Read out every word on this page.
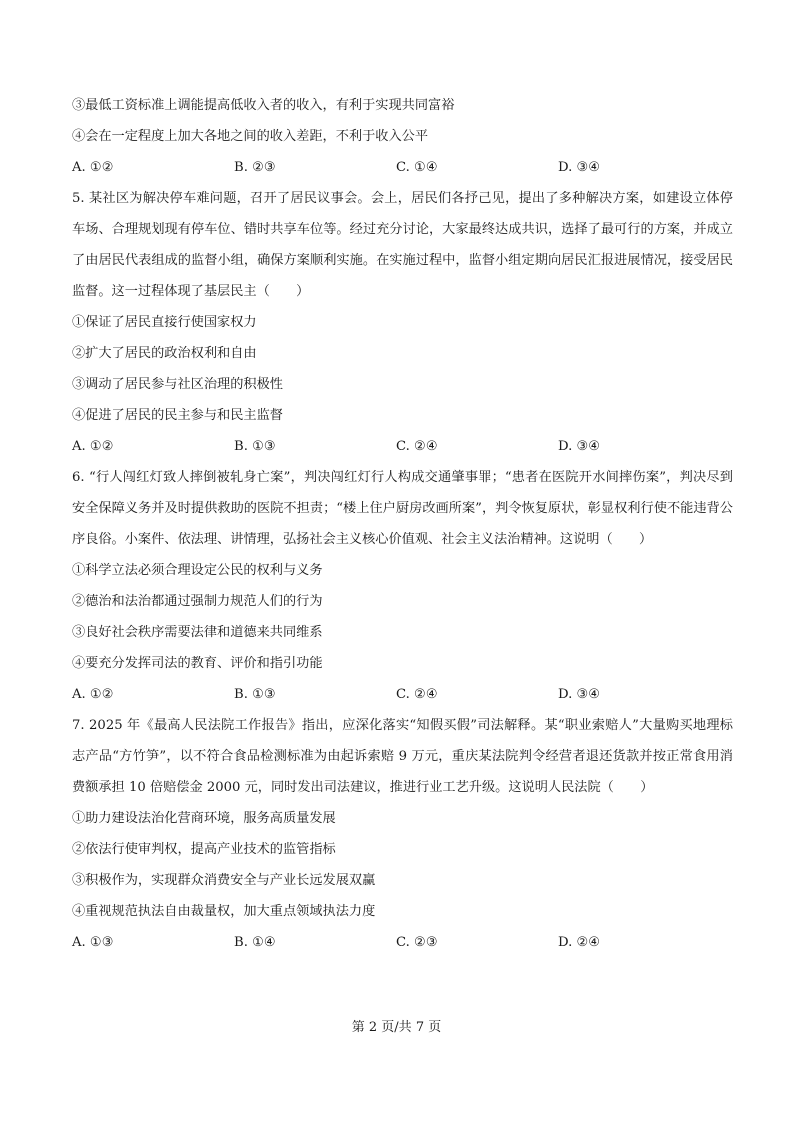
③最低工资标准上调能提高低收入者的收入，有利于实现共同富裕
④会在一定程度上加大各地之间的收入差距，不利于收入公平
A. ①②	B. ②③	C. ①④	D. ③④
5. 某社区为解决停车难问题，召开了居民议事会。会上，居民们各抒己见，提出了多种解决方案，如建设立体停车场、合理规划现有停车位、错时共享车位等。经过充分讨论，大家最终达成共识，选择了最可行的方案，并成立了由居民代表组成的监督小组，确保方案顺利实施。在实施过程中，监督小组定期向居民汇报进展情况，接受居民监督。这一过程体现了基层民主（　　）
①保证了居民直接行使国家权力
②扩大了居民的政治权利和自由
③调动了居民参与社区治理的积极性
④促进了居民的民主参与和民主监督
A. ①②	B. ①③	C. ②④	D. ③④
6. “行人闯红灯致人摔倒被轧身亡案”，判决闯红灯行人构成交通肇事罪；“患者在医院开水间摔伤案”，判决尽到安全保障义务并及时提供救助的医院不担责；“楼上住户厨房改画所案”，判令恢复原状，彰显权利行使不能违背公序良俗。小案件、依法理、讲情理，弘扬社会主义核心价值观、社会主义法治精神。这说明（　　）
①科学立法必须合理设定公民的权利与义务
②德治和法治都通过强制力规范人们的行为
③良好社会秩序需要法律和道德来共同维系
④要充分发挥司法的教育、评价和指引功能
A. ①②	B. ①③	C. ②④	D. ③④
7. 2025 年《最高人民法院工作报告》指出，应深化落实“知假买假”司法解释。某“职业索赔人”大量购买地理标志产品“方竹笋”，以不符合食品检测标准为由起诉索赔 9 万元，重庆某法院判令经营者退还货款并按正常食用消费额承担 10 倍赔偿金 2000 元，同时发出司法建议，推进行业工艺升级。这说明人民法院（　　）
①助力建设法治化营商环境，服务高质量发展
②依法行使审判权，提高产业技术的监管指标
③积极作为，实现群众消费安全与产业长远发展双赢
④重视规范执法自由裁量权，加大重点领域执法力度
A. ①③	B. ①④	C. ②③	D. ②④
第 2 页/共 7 页
